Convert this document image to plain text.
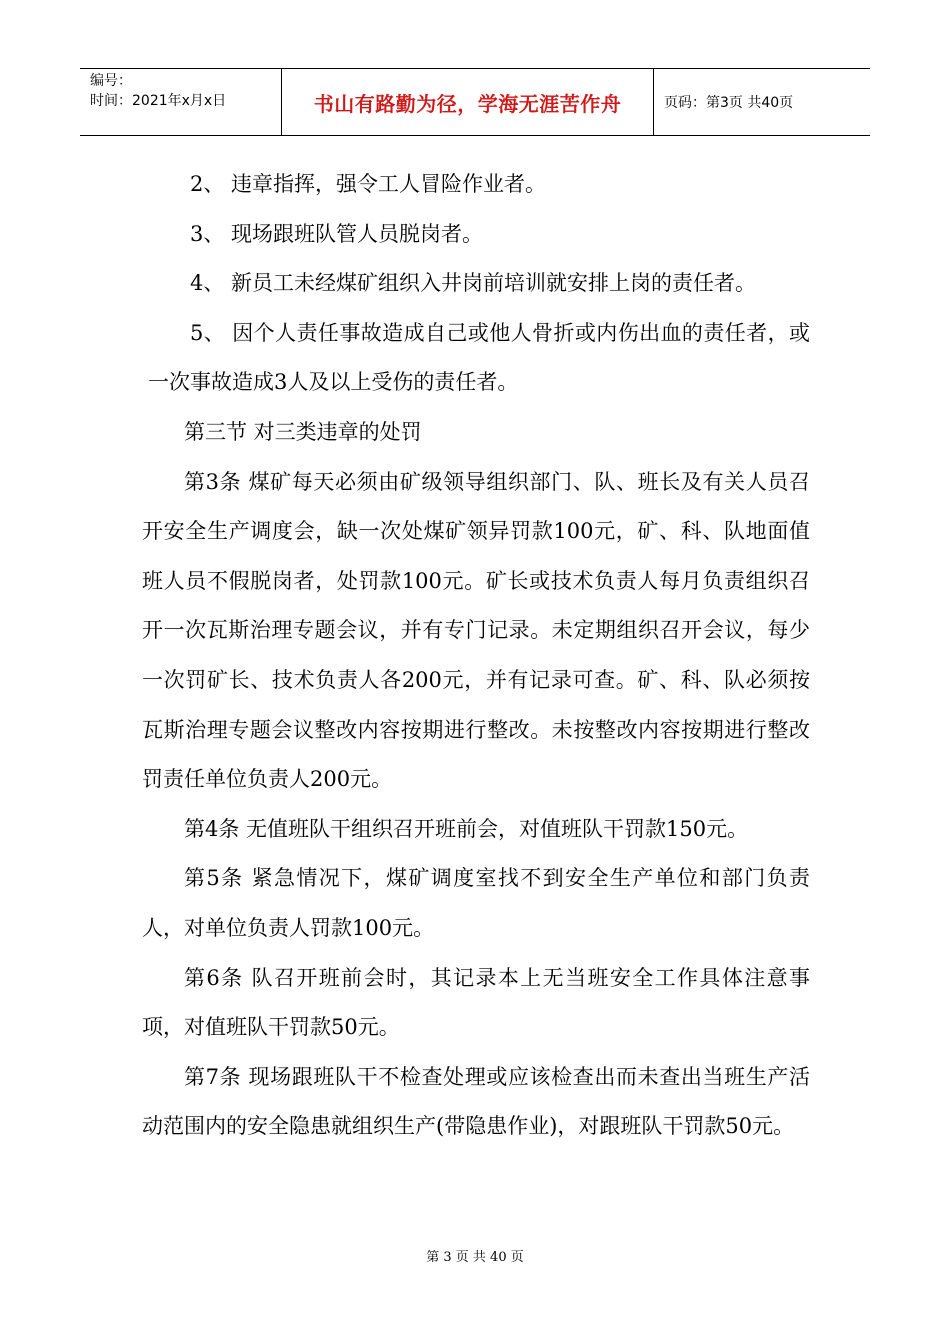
编号：
时间：2021年x月x日	书山有路勤为径，学海无涯苦作舟	页码：第3页 共40页

2、 违章指挥，强令工人冒险作业者。

3、 现场跟班队管人员脱岗者。

4、 新员工未经煤矿组织入井岗前培训就安排上岗的责任者。

5、 因个人责任事故造成自己或他人骨折或内伤出血的责任者，或一次事故造成3人及以上受伤的责任者。

第三节 对三类违章的处罚

第3条 煤矿每天必须由矿级领导组织部门、队、班长及有关人员召开安全生产调度会，缺一次处煤矿领异罚款100元，矿、科、队地面值班人员不假脱岗者，处罚款100元。矿长或技术负责人每月负责组织召开一次瓦斯治理专题会议，并有专门记录。未定期组织召开会议，每少一次罚矿长、技术负责人各200元，并有记录可查。矿、科、队必须按瓦斯治理专题会议整改内容按期进行整改。未按整改内容按期进行整改罚责任单位负责人200元。

第4条 无值班队干组织召开班前会，对值班队干罚款150元。

第5条 紧急情况下，煤矿调度室找不到安全生产单位和部门负责人，对单位负责人罚款100元。

第6条 队召开班前会时，其记录本上无当班安全工作具体注意事项，对值班队干罚款50元。

第7条 现场跟班队干不检查处理或应该检查出而未查出当班生产活动范围内的安全隐患就组织生产(带隐患作业)，对跟班队干罚款50元。

第 3 页 共 40 页
